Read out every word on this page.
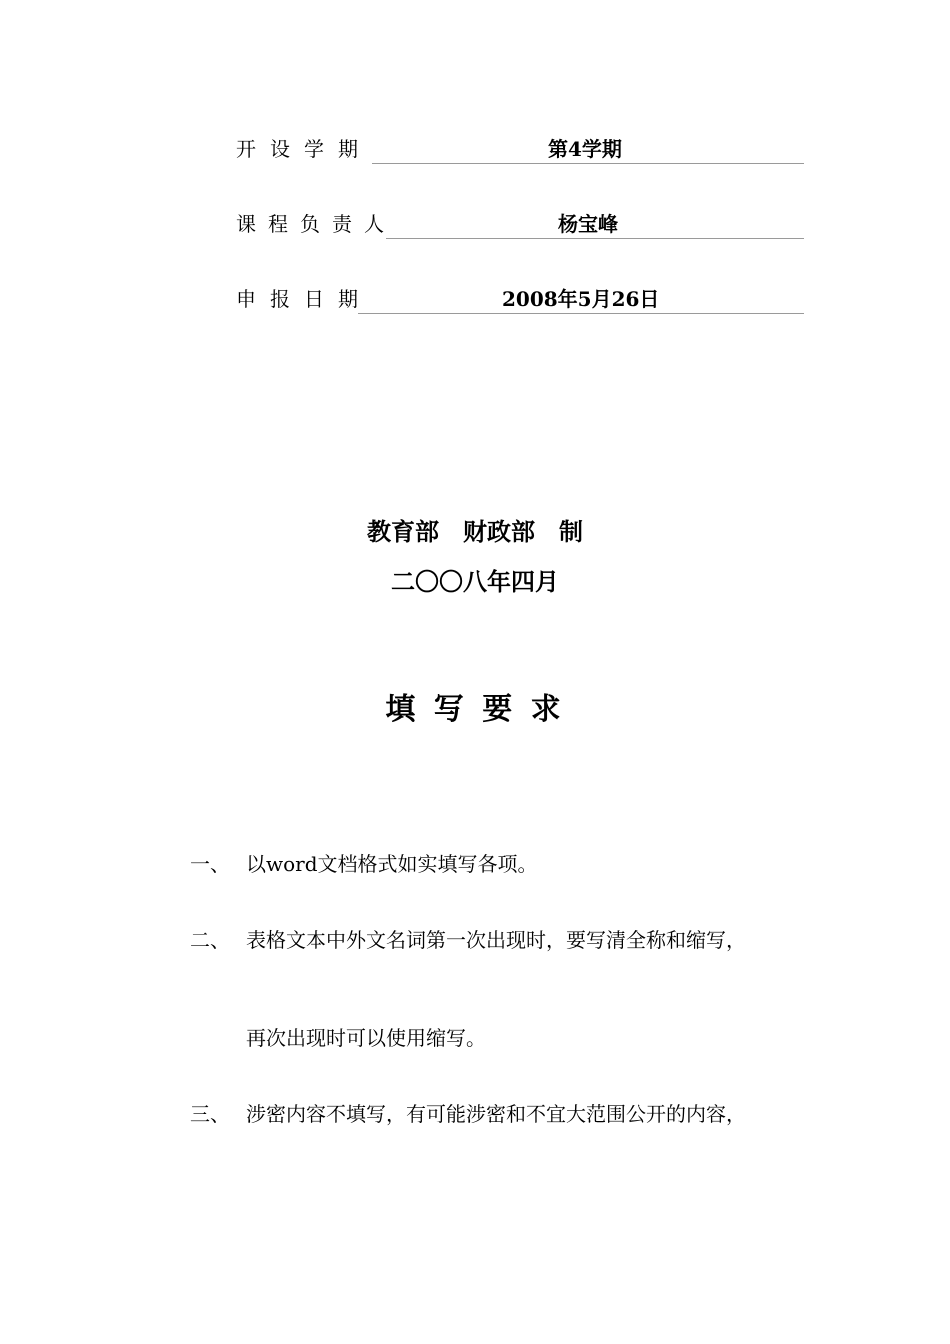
开设学期	第4学期
课程负责人	杨宝峰
申报日期	2008年5月26日
教育部　财政部　制
二〇〇八年四月
填 写 要 求
一、 以word文档格式如实填写各项。
二、 表格文本中外文名词第一次出现时，要写清全称和缩写，
再次出现时可以使用缩写。
三、 涉密内容不填写，有可能涉密和不宜大范围公开的内容，
